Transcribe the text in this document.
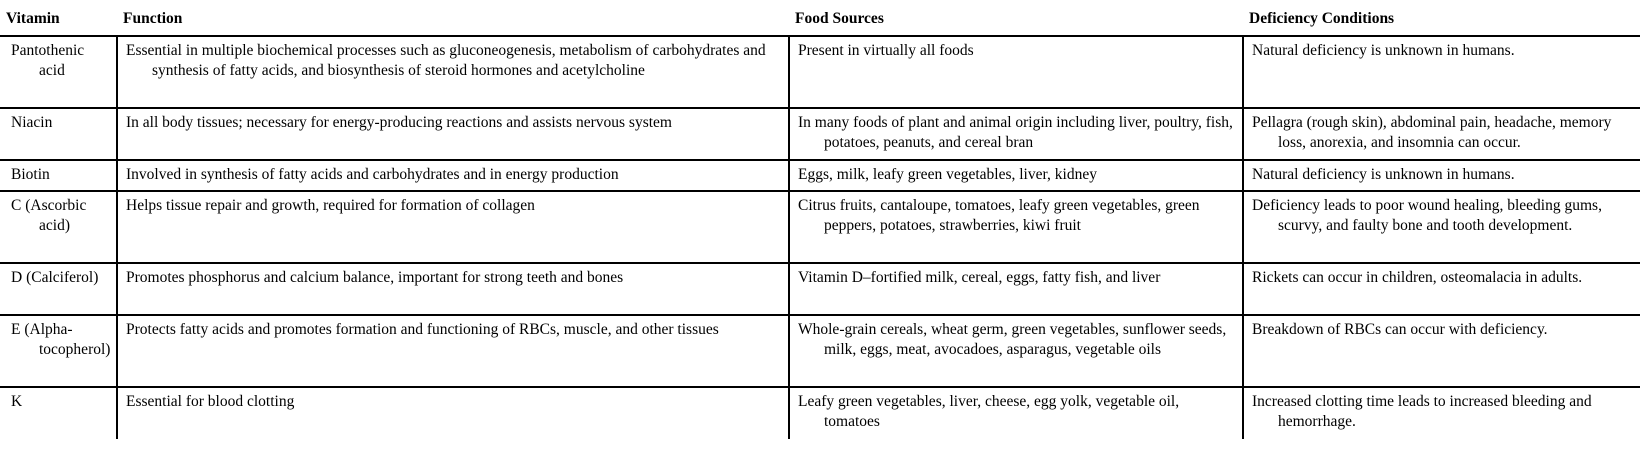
Vitamin	Function	Food Sources	Deficiency Conditions

Pantothenic acid	Essential in multiple biochemical processes such as gluconeogenesis, metabolism of carbohydrates and synthesis of fatty acids, and biosynthesis of steroid hormones and acetylcholine	Present in virtually all foods	Natural deficiency is unknown in humans.

Niacin	In all body tissues; necessary for energy-producing reactions and assists nervous system	In many foods of plant and animal origin including liver, poultry, fish, potatoes, peanuts, and cereal bran	Pellagra (rough skin), abdominal pain, headache, memory loss, anorexia, and insomnia can occur.

Biotin	Involved in synthesis of fatty acids and carbohydrates and in energy production	Eggs, milk, leafy green vegetables, liver, kidney	Natural deficiency is unknown in humans.

C (Ascorbic acid)	Helps tissue repair and growth, required for formation of collagen	Citrus fruits, cantaloupe, tomatoes, leafy green vegetables, green peppers, potatoes, strawberries, kiwi fruit	Deficiency leads to poor wound healing, bleeding gums, scurvy, and faulty bone and tooth development.

D (Calciferol)	Promotes phosphorus and calcium balance, important for strong teeth and bones	Vitamin D–fortified milk, cereal, eggs, fatty fish, and liver	Rickets can occur in children, osteomalacia in adults.

E (Alpha-tocopherol)	Protects fatty acids and promotes formation and functioning of RBCs, muscle, and other tissues	Whole-grain cereals, wheat germ, green vegetables, sunflower seeds, milk, eggs, meat, avocadoes, asparagus, vegetable oils	Breakdown of RBCs can occur with deficiency.

K	Essential for blood clotting	Leafy green vegetables, liver, cheese, egg yolk, vegetable oil, tomatoes	Increased clotting time leads to increased bleeding and hemorrhage.
